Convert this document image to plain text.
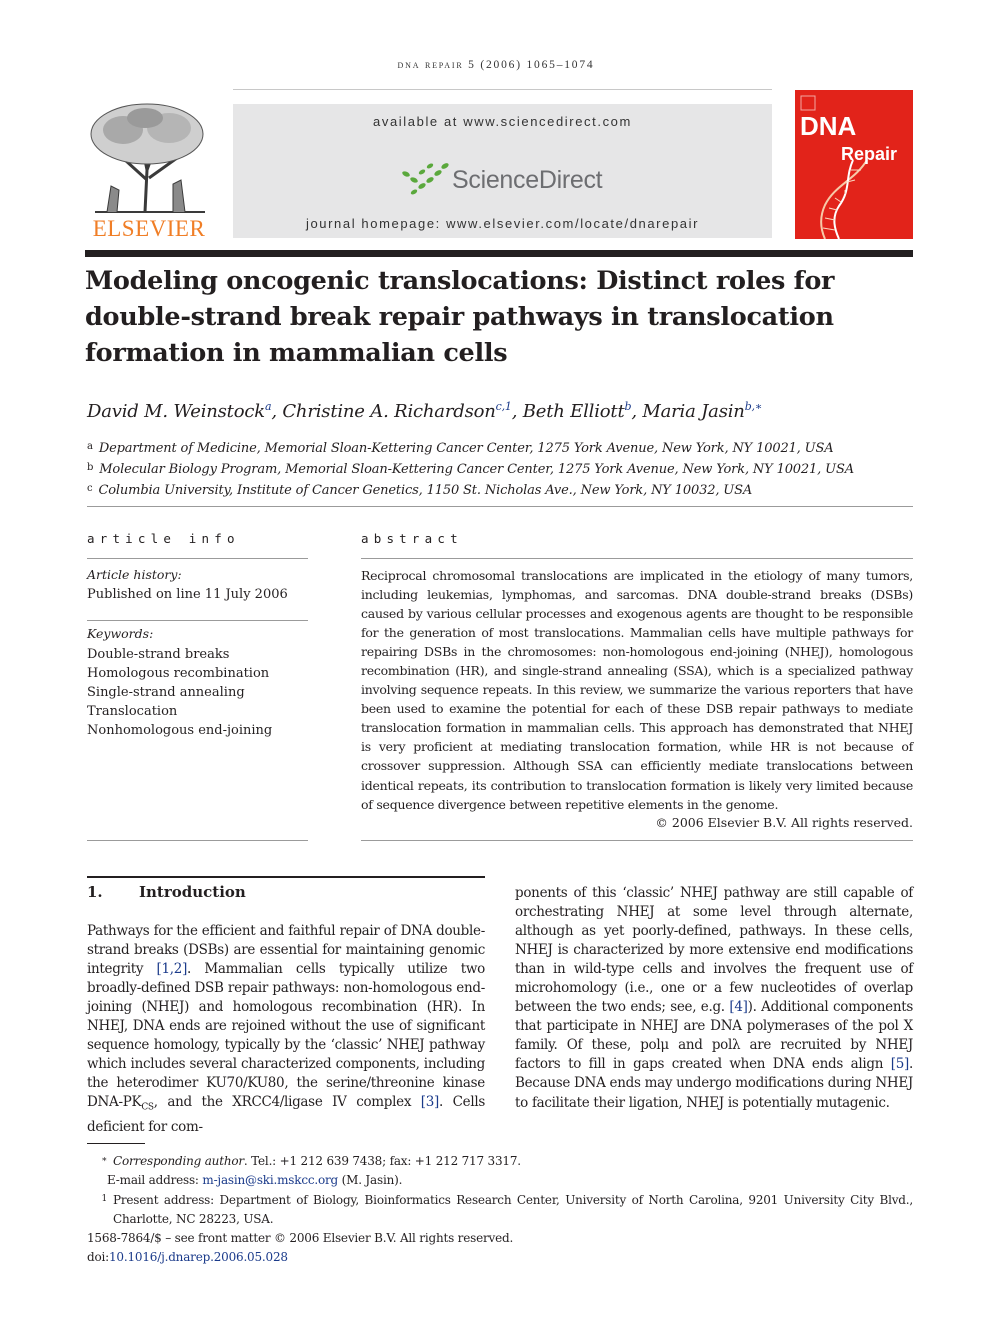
dna repair 5 (2006) 1065–1074
ELSEVIER
available at www.sciencedirect.com
ScienceDirect
journal homepage: www.elsevier.com/locate/dnarepair
DNA
Repair
Modeling oncogenic translocations: Distinct roles for
double-strand break repair pathways in translocation
formation in mammalian cells
David M. Weinstock$^a$, Christine A. Richardson$^{c,1}$, Beth Elliott$^b$, Maria Jasin$^{b,∗}$
$^a$ Department of Medicine, Memorial Sloan-Kettering Cancer Center, 1275 York Avenue, New York, NY 10021, USA
$^b$ Molecular Biology Program, Memorial Sloan-Kettering Cancer Center, 1275 York Avenue, New York, NY 10021, USA
$^c$ Columbia University, Institute of Cancer Genetics, 1150 St. Nicholas Ave., New York, NY 10032, USA
article info
Article history:
Published on line 11 July 2006
Keywords:
Double-strand breaks
Homologous recombination
Single-strand annealing
Translocation
Nonhomologous end-joining
abstract
Reciprocal chromosomal translocations are implicated in the etiology of many tumors, including leukemias, lymphomas, and sarcomas. DNA double-strand breaks (DSBs) caused by various cellular processes and exogenous agents are thought to be responsible for the generation of most translocations. Mammalian cells have multiple pathways for repairing DSBs in the chromosomes: non-homologous end-joining (NHEJ), homologous recombination (HR), and single-strand annealing (SSA), which is a specialized pathway involving sequence repeats. In this review, we summarize the various reporters that have been used to examine the potential for each of these DSB repair pathways to mediate translocation formation in mammalian cells. This approach has demonstrated that NHEJ is very proficient at mediating translocation formation, while HR is not because of crossover suppression. Although SSA can efficiently mediate translocations between identical repeats, its contribution to translocation formation is likely very limited because of sequence divergence between repetitive elements in the genome.
© 2006 Elsevier B.V. All rights reserved.
1. Introduction
Pathways for the efficient and faithful repair of DNA double-strand breaks (DSBs) are essential for maintaining genomic integrity [1,2]. Mammalian cells typically utilize two broadly-defined DSB repair pathways: non-homologous end-joining (NHEJ) and homologous recombination (HR). In NHEJ, DNA ends are rejoined without the use of significant sequence homology, typically by the ‘classic’ NHEJ pathway which includes several characterized components, including the heterodimer KU70/KU80, the serine/threonine kinase DNA-$PK_{CS}$, and the XRCC4/ligase IV complex [3]. Cells deficient for com-
ponents of this ‘classic’ NHEJ pathway are still capable of orchestrating NHEJ at some level through alternate, although as yet poorly-defined, pathways. In these cells, NHEJ is characterized by more extensive end modifications than in wild-type cells and involves the frequent use of microhomology (i.e., one or a few nucleotides of overlap between the two ends; see, e.g. [4]). Additional components that participate in NHEJ are DNA polymerases of the pol X family. Of these, polμ and polλ are recruited by NHEJ factors to fill in gaps created when DNA ends align [5]. Because DNA ends may undergo modifications during NHEJ to facilitate their ligation, NHEJ is potentially mutagenic.
∗ Corresponding author. Tel.: +1 212 639 7438; fax: +1 212 717 3317.
E-mail address: m-jasin@ski.mskcc.org (M. Jasin).
1 Present address: Department of Biology, Bioinformatics Research Center, University of North Carolina, 9201 University City Blvd., Charlotte, NC 28223, USA.
1568-7864/$ – see front matter © 2006 Elsevier B.V. All rights reserved.
doi:10.1016/j.dnarep.2006.05.028
